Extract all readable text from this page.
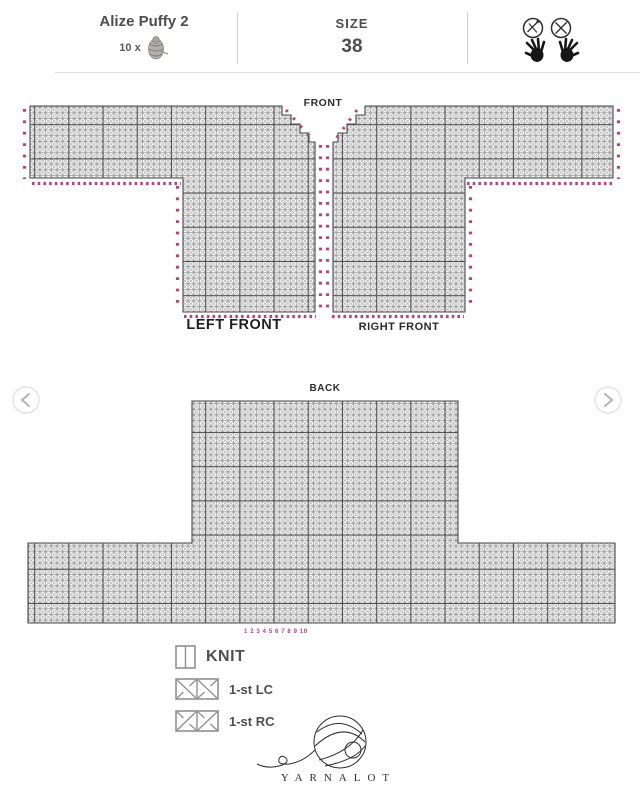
Alize Puffy 2
10 x
SIZE
38
1 2 3 4 5 6 7 8 9 10
FRONT
LEFT FRONT	RIGHT FRONT
BACK
KNIT
1-st LC
1-st RC
YARNALOT
